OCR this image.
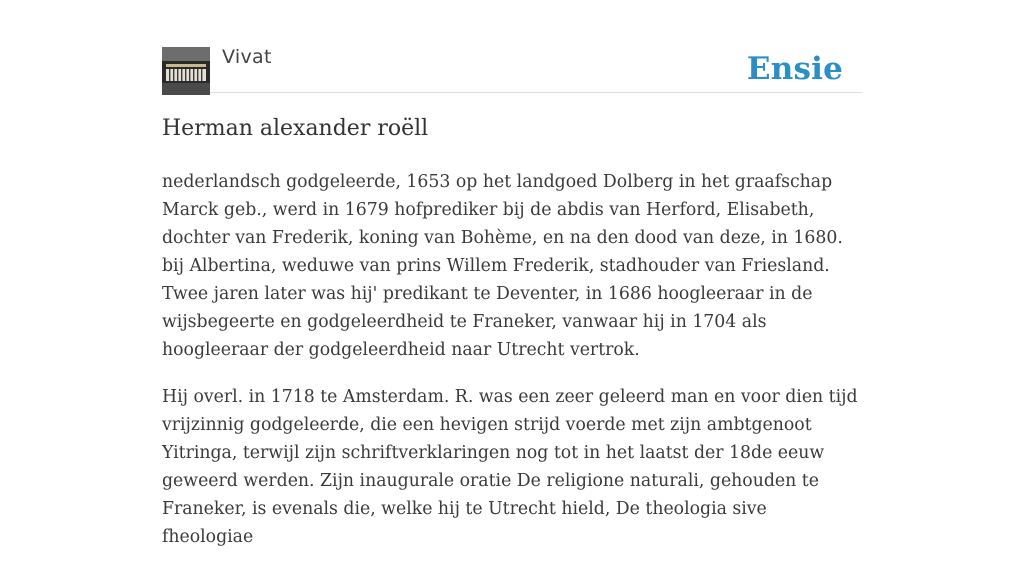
Vivat	Ensie
Herman alexander roëll

nederlandsch godgeleerde, 1653 op het landgoed Dolberg in het graafschap Marck geb., werd in 1679 hofprediker bij de abdis van Herford, Elisabeth, dochter van Frederik, koning van Bohème, en na den dood van deze, in 1680. bij Albertina, weduwe van prins Willem Frederik, stadhouder van Friesland. Twee jaren later was hij' predikant te Deventer, in 1686 hoogleeraar in de wijsbegeerte en godgeleerdheid te Franeker, vanwaar hij in 1704 als hoogleeraar der godgeleerdheid naar Utrecht vertrok.

Hij overl. in 1718 te Amsterdam. R. was een zeer geleerd man en voor dien tijd vrijzinnig godgeleerde, die een hevigen strijd voerde met zijn ambtgenoot Yitringa, terwijl zijn schriftverklaringen nog tot in het laatst der 18de eeuw geweerd werden. Zijn inaugurale oratie De religione naturali, gehouden te Franeker, is evenals die, welke hij te Utrecht hield, De theologia sive fheologiae
